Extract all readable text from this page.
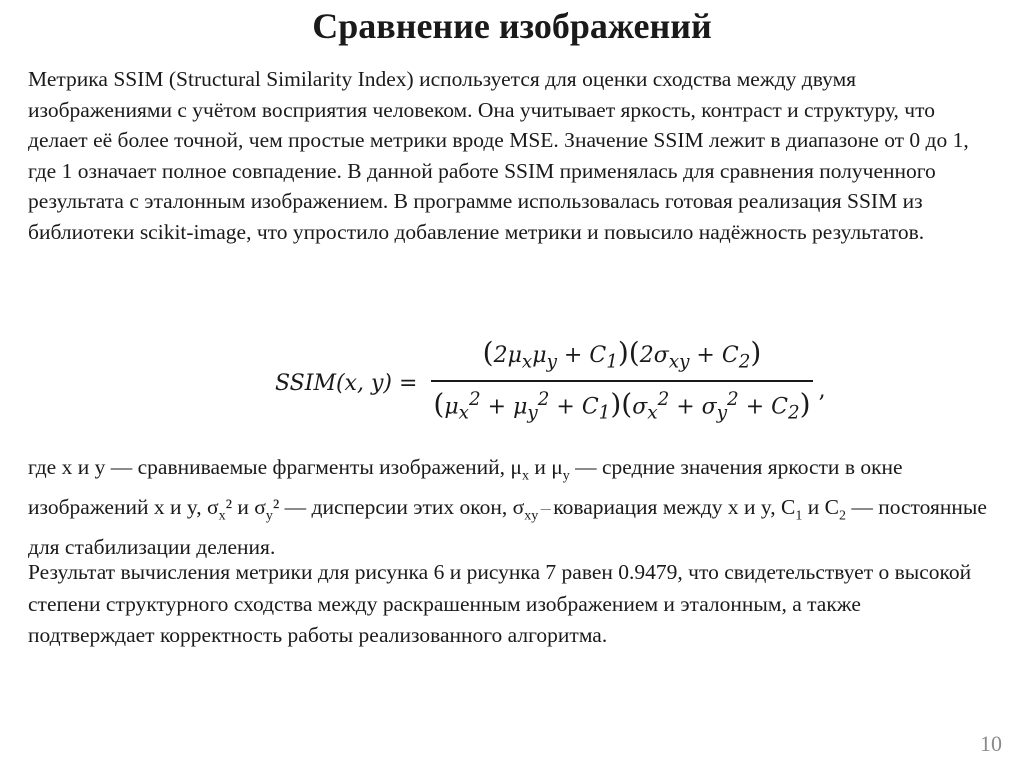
Сравнение изображений

Метрика SSIM (Structural Similarity Index) используется для оценки сходства между двумя изображениями с учётом восприятия человеком. Она учитывает яркость, контраст и структуру, что делает её более точной, чем простые метрики вроде MSE. Значение SSIM лежит в диапазоне от 0 до 1, где 1 означает полное совпадение. В данной работе SSIM применялась для сравнения полученного результата с эталонным изображением. В программе использовалась готовая реализация SSIM из библиотеки scikit-image, что упростило добавление метрики и повысило надёжность результатов.

SSIM(x, $y) = \frac{(2\mu_x\mu_y + C_1)(2\sigma_{xy} + C_2)}{(\mu_x^2 + \mu_y^2 + C_1)(\sigma_x^2 + \sigma_y^2 + C_2)}$ ,

где x и y — сравниваемые фрагменты изображений, $\mu_x$ и $\mu_y$ — средние значения яркости в окне изображений x и y, $\sigma_x^2$ и $\sigma_y^2$ — дисперсии этих окон, $\sigma_{xy}$ — ковариация между x и y, $C_1$ и $C_2$ — постоянные для стабилизации деления.

Результат вычисления метрики для рисунка 6 и рисунка 7 равен 0.9479, что свидетельствует о высокой степени структурного сходства между раскрашенным изображением и эталонным, а также подтверждает корректность работы реализованного алгоритма.

10
